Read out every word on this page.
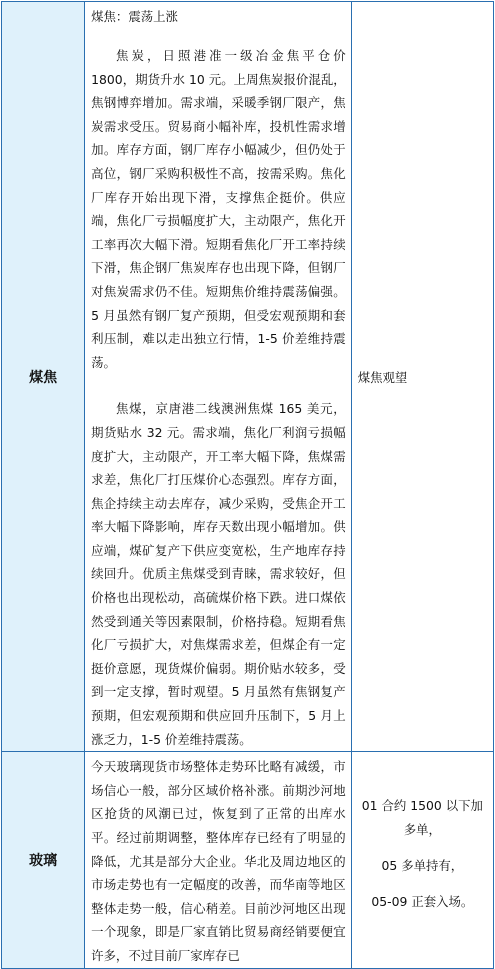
煤焦	煤焦：震荡上涨

焦炭，日照港准一级冶金焦平仓价 1800，期货升水 10 元。上周焦炭报价混乱，焦钢博弈增加。需求端，采暖季钢厂限产，焦炭需求受压。贸易商小幅补库，投机性需求增加。库存方面，钢厂库存小幅减少，但仍处于高位，钢厂采购积极性不高，按需采购。焦化厂库存开始出现下滑，支撑焦企挺价。供应端，焦化厂亏损幅度扩大，主动限产，焦化开工率再次大幅下滑。短期看焦化厂开工率持续下滑，焦企钢厂焦炭库存也出现下降，但钢厂对焦炭需求仍不佳。短期焦价维持震荡偏强。5 月虽然有钢厂复产预期，但受宏观预期和套利压制，难以走出独立行情，1-5 价差维持震荡。

焦煤，京唐港二线澳洲焦煤 165 美元，期货贴水 32 元。需求端，焦化厂利润亏损幅度扩大，主动限产，开工率大幅下降，焦煤需求差，焦化厂打压煤价心态强烈。库存方面，焦企持续主动去库存，减少采购，受焦企开工率大幅下降影响，库存天数出现小幅增加。供应端，煤矿复产下供应变宽松，生产地库存持续回升。优质主焦煤受到青睐，需求较好，但价格也出现松动，高硫煤价格下跌。进口煤依然受到通关等因素限制，价格持稳。短期看焦化厂亏损扩大，对焦煤需求差，但煤企有一定挺价意愿，现货煤价偏弱。期价贴水较多，受到一定支撑，暂时观望。5 月虽然有焦钢复产预期，但宏观预期和供应回升压制下，5 月上涨乏力，1-5 价差维持震荡。	煤焦观望
玻璃	今天玻璃现货市场整体走势环比略有减缓，市场信心一般，部分区域价格补涨。前期沙河地区抢货的风潮已过，恢复到了正常的出库水平。经过前期调整，整体库存已经有了明显的降低，尤其是部分大企业。华北及周边地区的市场走势也有一定幅度的改善，而华南等地区整体走势一般，信心稍差。目前沙河地区出现一个现象，即是厂家直销比贸易商经销要便宜许多，不过目前厂家库存已	01 合约 1500 以下加多单，

05 多单持有，

05-09 正套入场。
